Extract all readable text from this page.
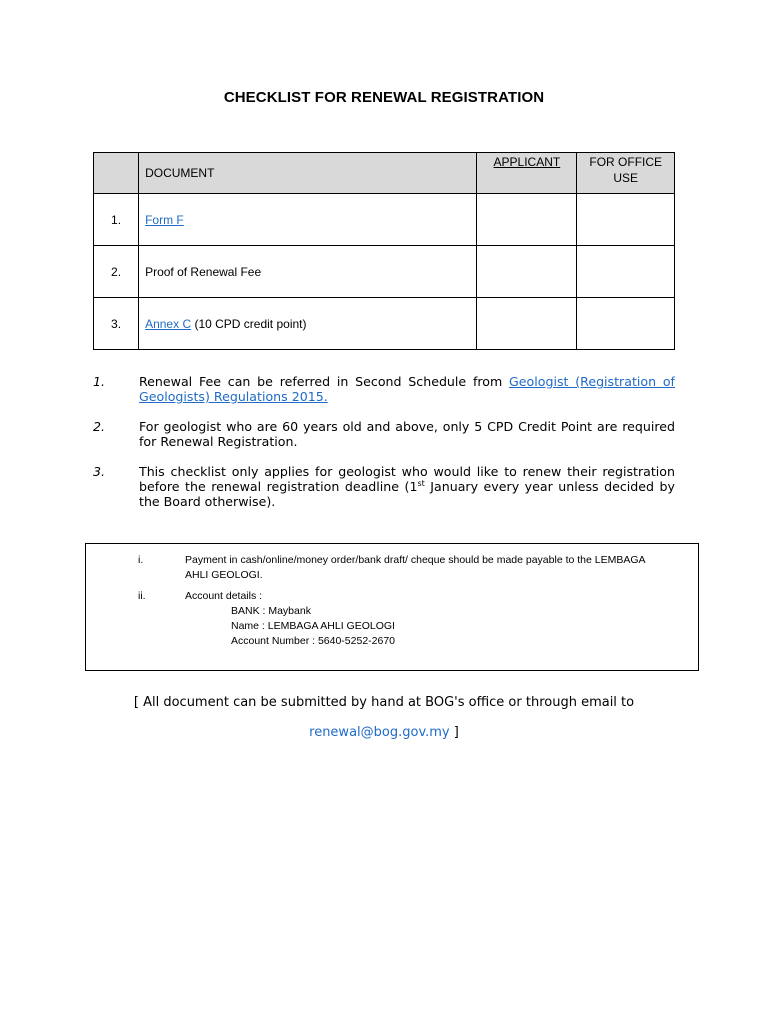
CHECKLIST FOR RENEWAL REGISTRATION
	DOCUMENT	APPLICANT	FOR OFFICE USE
1.	Form F		
2.	Proof of Renewal Fee		
3.	Annex C (10 CPD credit point)		
1.	Renewal Fee can be referred in Second Schedule from Geologist (Registration of Geologists) Regulations 2015.
2.	For geologist who are 60 years old and above, only 5 CPD Credit Point are required for Renewal Registration.
3.	This checklist only applies for geologist who would like to renew their registration before the renewal registration deadline (1st January every year unless decided by the Board otherwise).
i.	Payment in cash/online/money order/bank draft/ cheque should be made payable to the LEMBAGA AHLI GEOLOGI.
ii.	Account details :
BANK : Maybank
Name : LEMBAGA AHLI GEOLOGI
Account Number : 5640-5252-2670
[ All document can be submitted by hand at BOG's office or through email to
renewal@bog.gov.my ]
